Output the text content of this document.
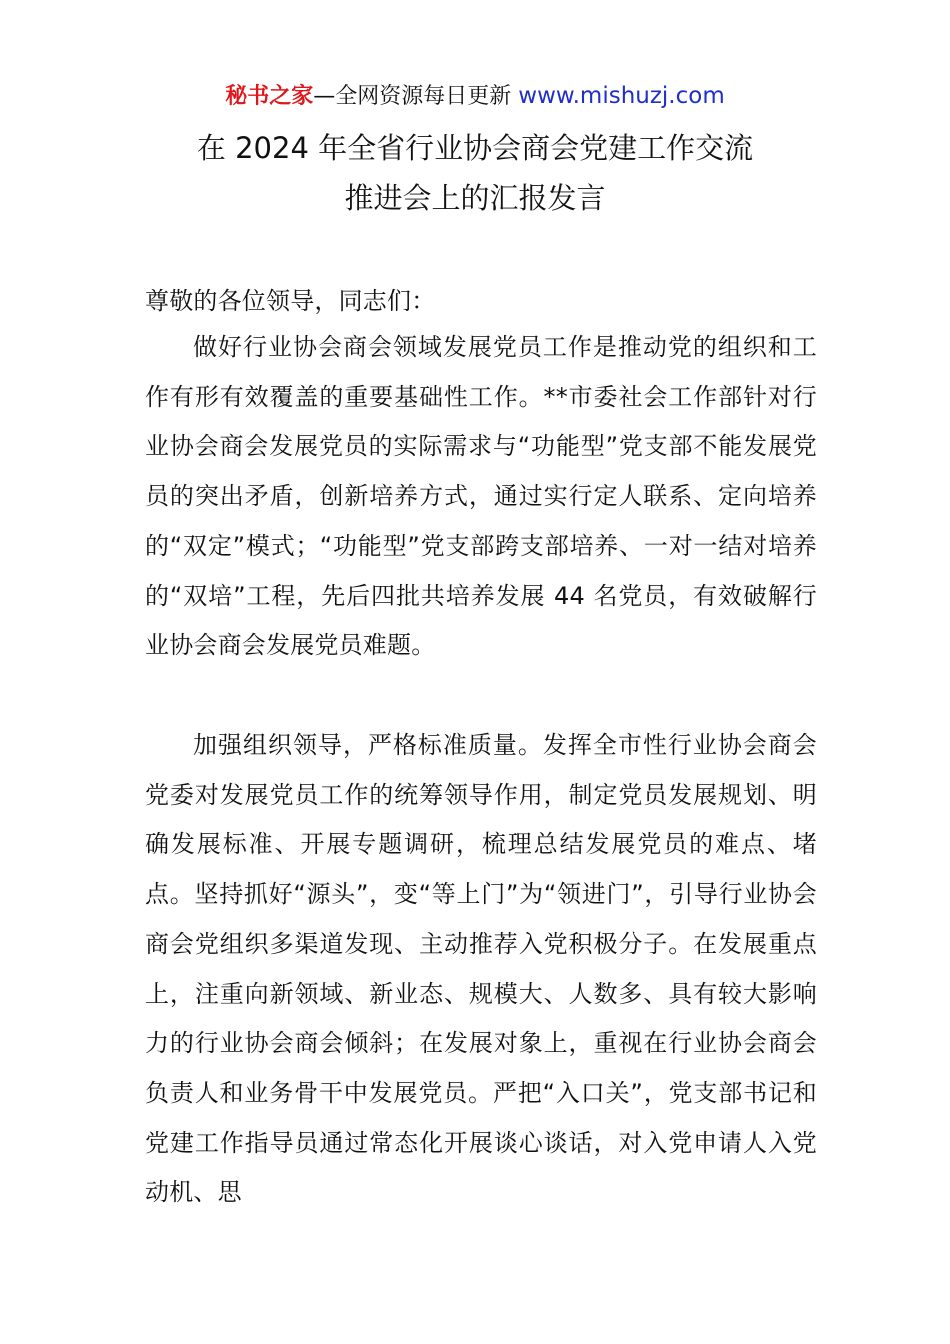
秘书之家—全网资源每日更新 www.mishuzj.com
在 2024 年全省行业协会商会党建工作交流
推进会上的汇报发言
尊敬的各位领导，同志们：
做好行业协会商会领域发展党员工作是推动党的组织和工作有形有效覆盖的重要基础性工作。**市委社会工作部针对行业协会商会发展党员的实际需求与“功能型”党支部不能发展党员的突出矛盾，创新培养方式，通过实行定人联系、定向培养的“双定”模式；“功能型”党支部跨支部培养、一对一结对培养的“双培”工程，先后四批共培养发展 44 名党员，有效破解行业协会商会发展党员难题。
加强组织领导，严格标准质量。发挥全市性行业协会商会党委对发展党员工作的统筹领导作用，制定党员发展规划、明确发展标准、开展专题调研，梳理总结发展党员的难点、堵点。坚持抓好“源头”，变“等上门”为“领进门”，引导行业协会商会党组织多渠道发现、主动推荐入党积极分子。在发展重点上，注重向新领域、新业态、规模大、人数多、具有较大影响力的行业协会商会倾斜；在发展对象上，重视在行业协会商会负责人和业务骨干中发展党员。严把“入口关”，党支部书记和党建工作指导员通过常态化开展谈心谈话，对入党申请人入党动机、思
